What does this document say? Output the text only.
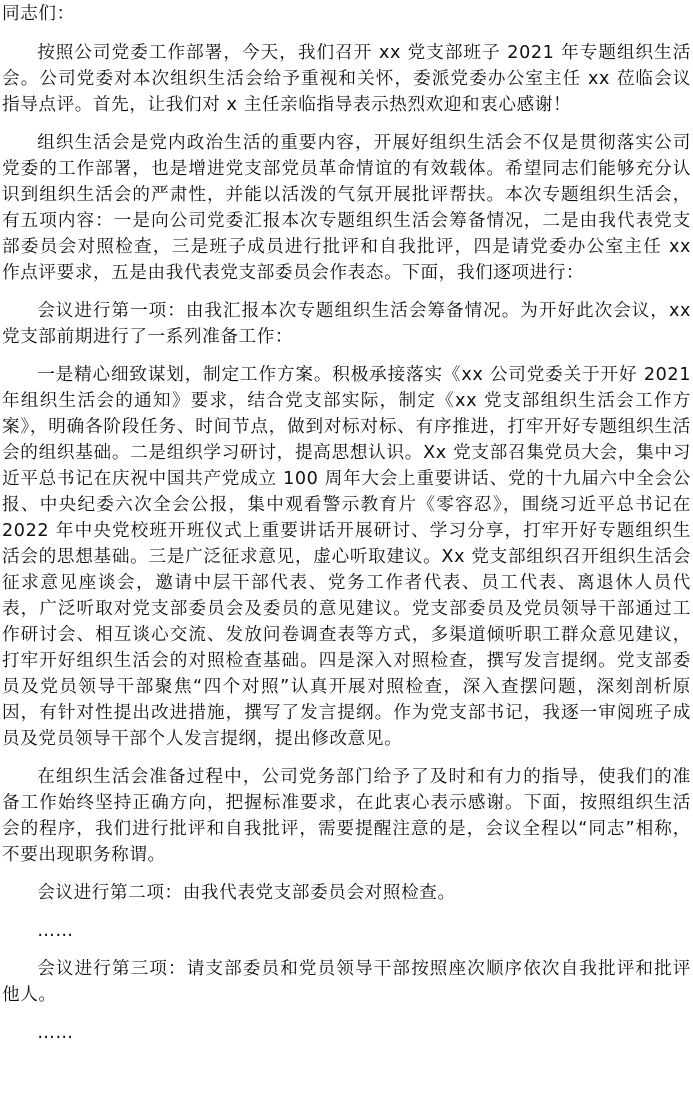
同志们：

按照公司党委工作部署，今天，我们召开 xx 党支部班子 2021 年专题组织生活会。公司党委对本次组织生活会给予重视和关怀，委派党委办公室主任 xx 莅临会议指导点评。首先，让我们对 x 主任亲临指导表示热烈欢迎和衷心感谢！

组织生活会是党内政治生活的重要内容，开展好组织生活会不仅是贯彻落实公司党委的工作部署，也是增进党支部党员革命情谊的有效载体。希望同志们能够充分认识到组织生活会的严肃性，并能以活泼的气氛开展批评帮扶。本次专题组织生活会，有五项内容：一是向公司党委汇报本次专题组织生活会筹备情况，二是由我代表党支部委员会对照检查，三是班子成员进行批评和自我批评，四是请党委办公室主任 xx 作点评要求，五是由我代表党支部委员会作表态。下面，我们逐项进行：

会议进行第一项：由我汇报本次专题组织生活会筹备情况。为开好此次会议，xx 党支部前期进行了一系列准备工作：

一是精心细致谋划，制定工作方案。积极承接落实《xx 公司党委关于开好 2021 年组织生活会的通知》要求，结合党支部实际，制定《xx 党支部组织生活会工作方案》，明确各阶段任务、时间节点，做到对标对标、有序推进，打牢开好专题组织生活会的组织基础。二是组织学习研讨，提高思想认识。Xx 党支部召集党员大会，集中习近平总书记在庆祝中国共产党成立 100 周年大会上重要讲话、党的十九届六中全会公报、中央纪委六次全会公报，集中观看警示教育片《零容忍》，围绕习近平总书记在 2022 年中央党校班开班仪式上重要讲话开展研讨、学习分享，打牢开好专题组织生活会的思想基础。三是广泛征求意见，虚心听取建议。Xx 党支部组织召开组织生活会征求意见座谈会，邀请中层干部代表、党务工作者代表、员工代表、离退休人员代表，广泛听取对党支部委员会及委员的意见建议。党支部委员及党员领导干部通过工作研讨会、相互谈心交流、发放问卷调查表等方式，多渠道倾听职工群众意见建议，打牢开好组织生活会的对照检查基础。四是深入对照检查，撰写发言提纲。党支部委员及党员领导干部聚焦“四个对照”认真开展对照检查，深入查摆问题，深刻剖析原因，有针对性提出改进措施，撰写了发言提纲。作为党支部书记，我逐一审阅班子成员及党员领导干部个人发言提纲，提出修改意见。

在组织生活会准备过程中，公司党务部门给予了及时和有力的指导，使我们的准备工作始终坚持正确方向，把握标准要求，在此衷心表示感谢。下面，按照组织生活会的程序，我们进行批评和自我批评，需要提醒注意的是，会议全程以“同志”相称，不要出现职务称谓。

会议进行第二项：由我代表党支部委员会对照检查。

……

会议进行第三项：请支部委员和党员领导干部按照座次顺序依次自我批评和批评他人。

……
